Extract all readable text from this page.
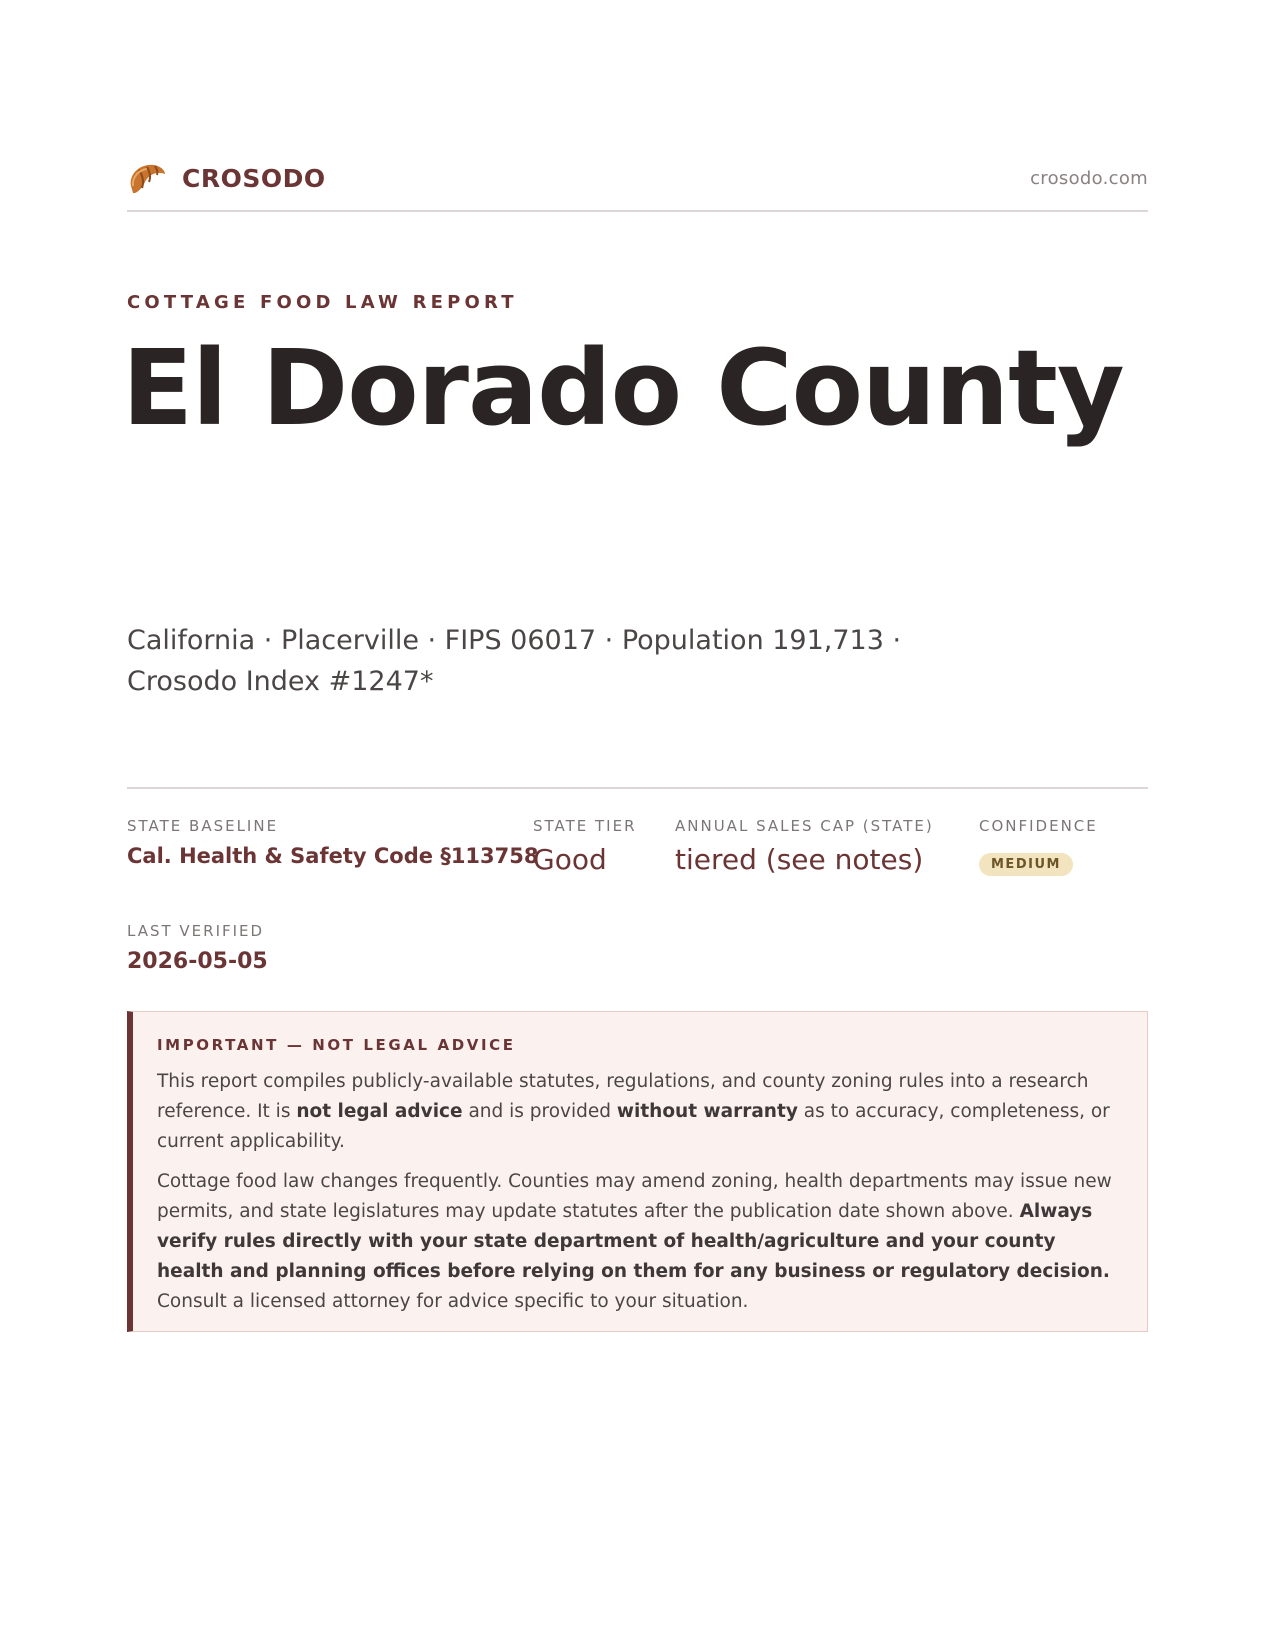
CROSODO	crosodo.com
COTTAGE FOOD LAW REPORT
El Dorado County
California · Placerville · FIPS 06017 · Population 191,713 ·
Crosodo Index #1247*
STATE BASELINE
Cal. Health & Safety Code §113758
STATE TIER
Good
ANNUAL SALES CAP (STATE)
tiered (see notes)
CONFIDENCE
MEDIUM
LAST VERIFIED
2026-05-05
IMPORTANT — NOT LEGAL ADVICE

This report compiles publicly-available statutes, regulations, and county zoning rules into a research reference. It is not legal advice and is provided without warranty as to accuracy, completeness, or current applicability.

Cottage food law changes frequently. Counties may amend zoning, health departments may issue new permits, and state legislatures may update statutes after the publication date shown above. Always verify rules directly with your state department of health/agriculture and your county health and planning offices before relying on them for any business or regulatory decision. Consult a licensed attorney for advice specific to your situation.
